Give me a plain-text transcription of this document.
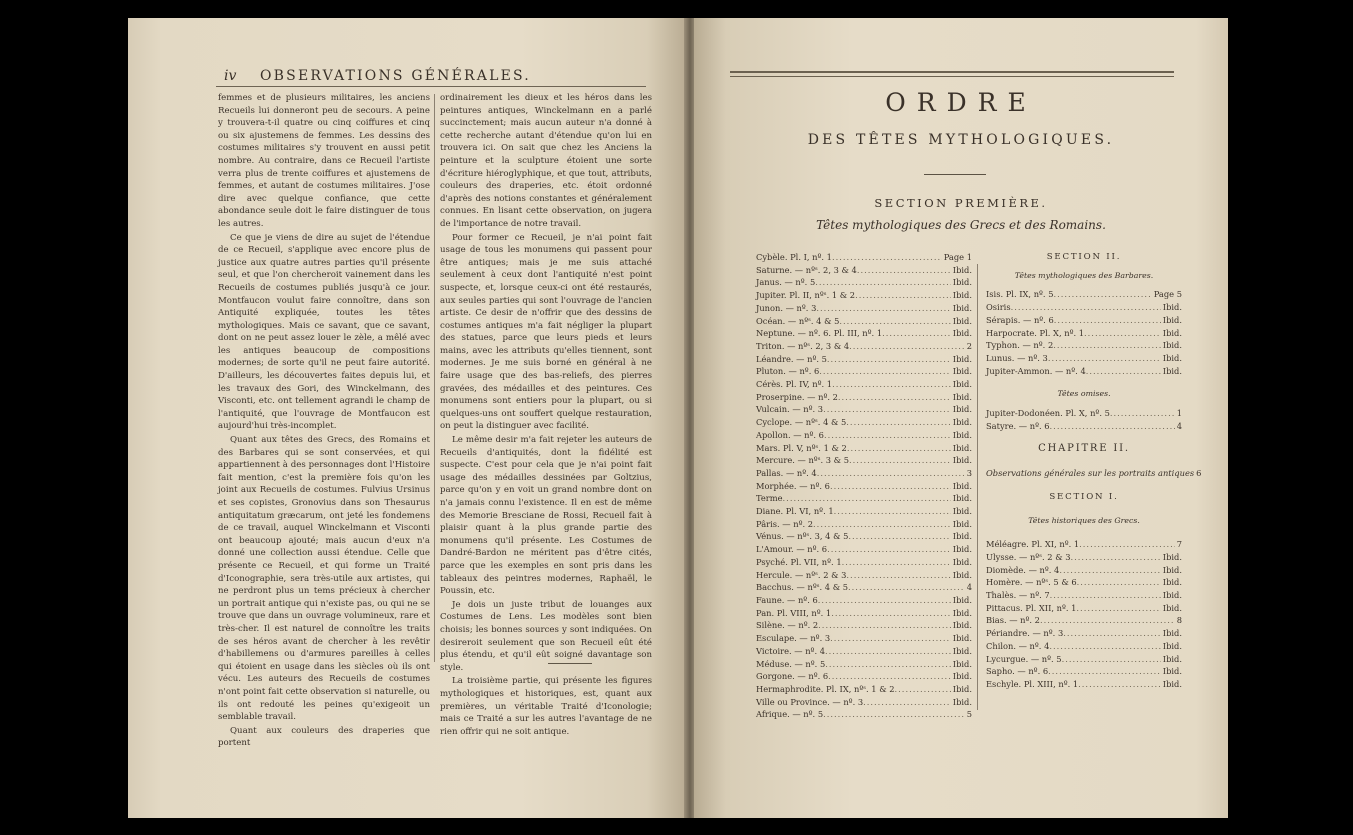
iv OBSERVATIONS GÉNÉRALES.

femmes et de plusieurs militaires, les anciens Recueils lui donneront peu de secours. A peine y trouvera-t-il quatre ou cinq coiffures et cinq ou six ajustemens de femmes. Les dessins des costumes militaires s'y trouvent en aussi petit nombre. Au contraire, dans ce Recueil l'artiste verra plus de trente coiffures et ajustemens de femmes, et autant de costumes militaires. J'ose dire avec quelque confiance, que cette abondance seule doit le faire distinguer de tous les autres.

Ce que je viens de dire au sujet de l'étendue de ce Recueil, s'applique avec encore plus de justice aux quatre autres parties qu'il présente seul, et que l'on chercheroit vainement dans les Recueils de costumes publiés jusqu'à ce jour. Montfaucon voulut faire connoître, dans son Antiquité expliquée, toutes les têtes mythologiques. Mais ce savant, que ce savant, dont on ne peut assez louer le zèle, a mêlé avec les antiques beaucoup de compositions modernes; de sorte qu'il ne peut faire autorité. D'ailleurs, les découvertes faites depuis lui, et les travaux des Gori, des Winckelmann, des Visconti, etc. ont tellement agrandi le champ de l'antiquité, que l'ouvrage de Montfaucon est aujourd'hui très-incomplet.

Quant aux têtes des Grecs, des Romains et des Barbares qui se sont conservées, et qui appartiennent à des personnages dont l'Histoire fait mention, c'est la première fois qu'on les joint aux Recueils de costumes. Fulvius Ursinus et ses copistes, Gronovius dans son Thesaurus antiquitatum græcarum, ont jeté les fondemens de ce travail, auquel Winckelmann et Visconti ont beaucoup ajouté; mais aucun d'eux n'a donné une collection aussi étendue. Celle que présente ce Recueil, et qui forme un Traité d'Iconographie, sera très-utile aux artistes, qui ne perdront plus un tems précieux à chercher un portrait antique qui n'existe pas, ou qui ne se trouve que dans un ouvrage volumineux, rare et très-cher. Il est naturel de connoître les traits de ses héros avant de chercher à les revêtir d'habillemens ou d'armures pareilles à celles qui étoient en usage dans les siècles où ils ont vécu. Les auteurs des Recueils de costumes n'ont point fait cette observation si naturelle, ou ils ont redouté les peines qu'exigeoit un semblable travail.

Quant aux couleurs des draperies que portent

ordinairement les dieux et les héros dans les peintures antiques, Winckelmann en a parlé succinctement; mais aucun auteur n'a donné à cette recherche autant d'étendue qu'on lui en trouvera ici. On sait que chez les Anciens la peinture et la sculpture étoient une sorte d'écriture hiéroglyphique, et que tout, attributs, couleurs des draperies, etc. étoit ordonné d'après des notions constantes et généralement connues. En lisant cette observation, on jugera de l'importance de notre travail.

Pour former ce Recueil, je n'ai point fait usage de tous les monumens qui passent pour être antiques; mais je me suis attaché seulement à ceux dont l'antiquité n'est point suspecte, et, lorsque ceux-ci ont été restaurés, aux seules parties qui sont l'ouvrage de l'ancien artiste. Ce desir de n'offrir que des dessins de costumes antiques m'a fait négliger la plupart des statues, parce que leurs pieds et leurs mains, avec les attributs qu'elles tiennent, sont modernes. Je me suis borné en général à ne faire usage que des bas-reliefs, des pierres gravées, des médailles et des peintures. Ces monumens sont entiers pour la plupart, ou si quelques-uns ont souffert quelque restauration, on peut la distinguer avec facilité.

Le même desir m'a fait rejeter les auteurs de Recueils d'antiquités, dont la fidélité est suspecte. C'est pour cela que je n'ai point fait usage des médailles dessinées par Goltzius, parce qu'on y en voit un grand nombre dont on n'a jamais connu l'existence. Il en est de même des Memorie Bresciane de Rossi, Recueil fait à plaisir quant à la plus grande partie des monumens qu'il présente. Les Costumes de Dandré-Bardon ne méritent pas d'être cités, parce que les exemples en sont pris dans les tableaux des peintres modernes, Raphaël, le Poussin, etc.

Je dois un juste tribut de louanges aux Costumes de Lens. Les modèles sont bien choisis; les bonnes sources y sont indiquées. On desireroit seulement que son Recueil eût été plus étendu, et qu'il eût soigné davantage son style.

La troisième partie, qui présente les figures mythologiques et historiques, est, quant aux premières, un véritable Traité d'Iconologie; mais ce Traité a sur les autres l'avantage de ne rien offrir qui ne soit antique.

ORDRE
DES TÊTES MYTHOLOGIQUES.
SECTION PREMIÈRE.
Têtes mythologiques des Grecs et des Romains.
Cybèle. Pl. I, nº. 1 .....	Page 1
Saturne. — nºˢ. 2, 3 & 4 .....	Ibid.
Janus. — nº. 5 .....	Ibid.
Jupiter. Pl. II, nºˢ. 1 & 2 .....	Ibid.
Junon. — nº. 3 .....	Ibid.
Océan. — nºˢ. 4 & 5 .....	Ibid.
Neptune. — nº. 6. Pl. III, nº. 1 .....	Ibid.
Triton. — nºˢ. 2, 3 & 4 .....	2
Léandre. — nº. 5 .....	Ibid.
Pluton. — nº. 6 .....	Ibid.
Cérès. Pl. IV, nº. 1 .....	Ibid.
Proserpine. — nº. 2 .....	Ibid.
Vulcain. — nº. 3 .....	Ibid.
Cyclope. — nºˢ. 4 & 5 .....	Ibid.
Apollon. — nº. 6 .....	Ibid.
Mars. Pl. V, nºˢ. 1 & 2 .....	Ibid.
Mercure. — nºˢ. 3 & 5 .....	Ibid.
Pallas. — nº. 4 .....	3
Morphée. — nº. 6 .....	Ibid.
Terme .....	Ibid.
Diane. Pl. VI, nº. 1 .....	Ibid.
Pâris. — nº. 2 .....	Ibid.
Vénus. — nºˢ. 3, 4 & 5 .....	Ibid.
L'Amour. — nº. 6 .....	Ibid.
Psyché. Pl. VII, nº. 1 .....	Ibid.
Hercule. — nºˢ. 2 & 3 .....	Ibid.
Bacchus. — nºˢ. 4 & 5 .....	4
Faune. — nº. 6 .....	Ibid.
Pan. Pl. VIII, nº. 1 .....	Ibid.
Silène. — nº. 2 .....	Ibid.
Esculape. — nº. 3 .....	Ibid.
Victoire. — nº. 4 .....	Ibid.
Méduse. — nº. 5 .....	Ibid.
Gorgone. — nº. 6 .....	Ibid.
Hermaphrodite. Pl. IX, nºˢ. 1 & 2 .....	Ibid.
Ville ou Province. — nº. 3 .....	Ibid.
Afrique. — nº. 5 .....	5

SECTION II.

Têtes mythologiques des Barbares.

Isis. Pl. IX, nº. 5 .....	Page 5
Osiris .....	Ibid.
Sérapis. — nº. 6 .....	Ibid.
Harpocrate. Pl. X, nº. 1 .....	Ibid.
Typhon. — nº. 2 .....	Ibid.
Lunus. — nº. 3 .....	Ibid.
Jupiter-Ammon. — nº. 4 .....	Ibid.

Têtes omises.

Jupiter-Dodonéen. Pl. X, nº. 5 .....	1
Satyre. — nº. 6 .....	4

CHAPITRE II.

Observations générales sur les portraits antiques 6

SECTION I.

Têtes historiques des Grecs.

Méléagre. Pl. XI, nº. 1 .....	7
Ulysse. — nºˢ. 2 & 3 .....	Ibid.
Diomède. — nº. 4 .....	Ibid.
Homère. — nºˢ. 5 & 6 .....	Ibid.
Thalès. — nº. 7 .....	Ibid.
Pittacus. Pl. XII, nº. 1 .....	Ibid.
Bias. — nº. 2 .....	8
Périandre. — nº. 3 .....	Ibid.
Chilon. — nº. 4 .....	Ibid.
Lycurgue. — nº. 5 .....	Ibid.
Sapho. — nº. 6 .....	Ibid.
Eschyle. Pl. XIII, nº. 1 .....	Ibid.
